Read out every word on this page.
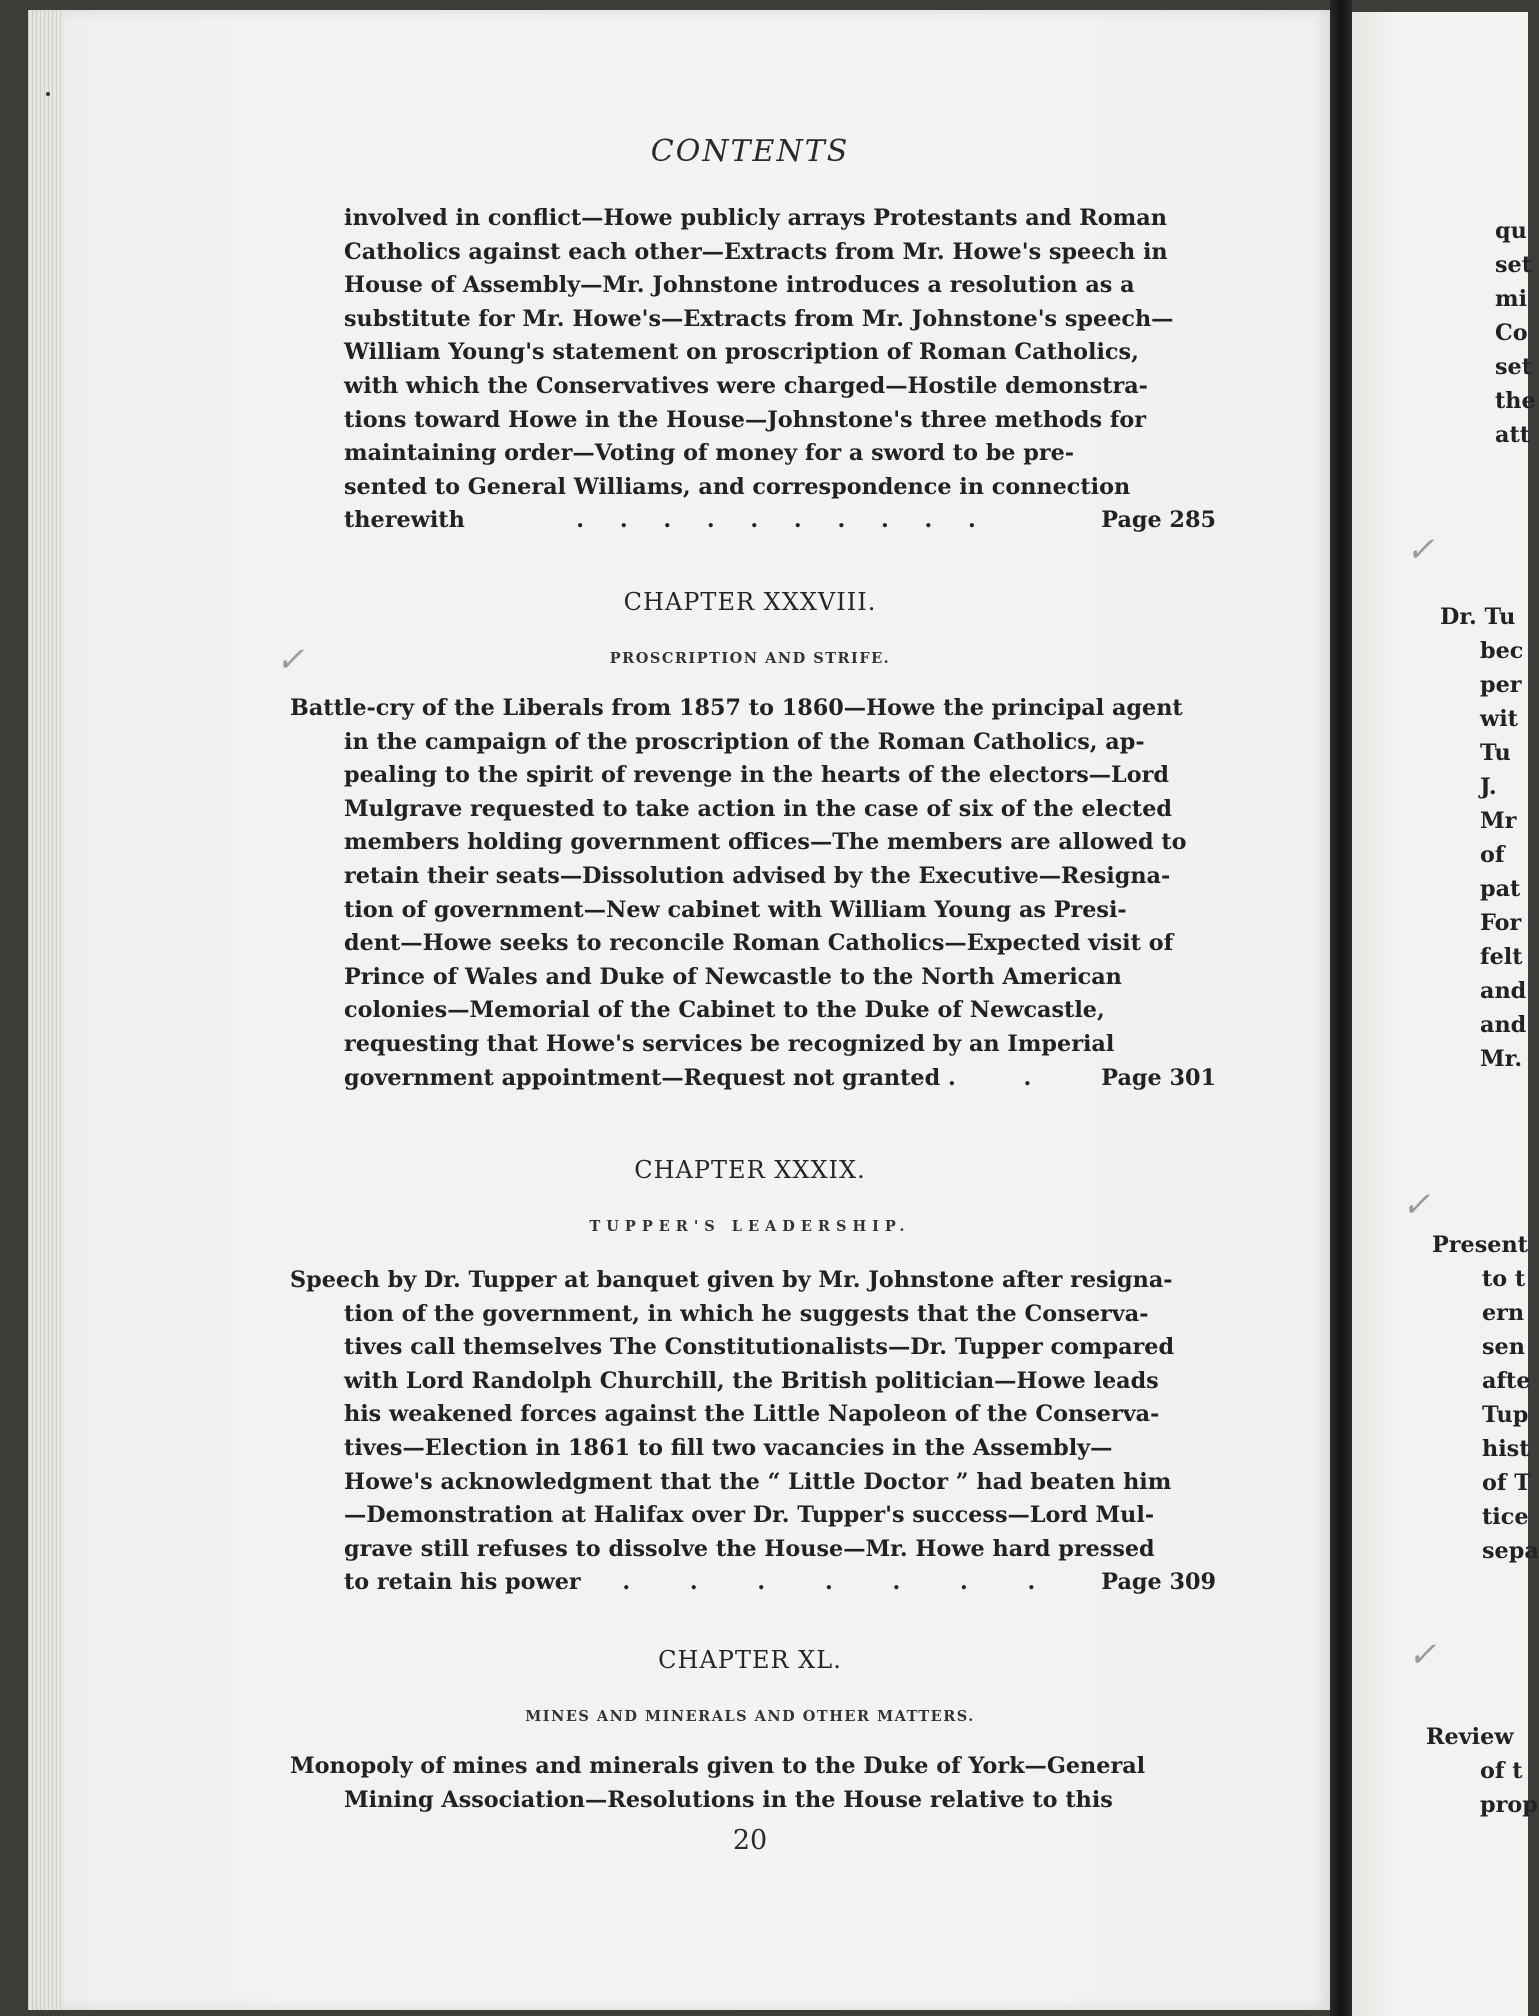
✓
✓
✓
✓
CONTENTS
involved in conflict—Howe publicly arrays Protestants and Roman
Catholics against each other—Extracts from Mr. Howe's speech in
House of Assembly—Mr. Johnstone introduces a resolution as a
substitute for Mr. Howe's—Extracts from Mr. Johnstone's speech—
William Young's statement on proscription of Roman Catholics,
with which the Conservatives were charged—Hostile demonstra-
tions toward Howe in the House—Johnstone's three methods for
maintaining order—Voting of money for a sword to be pre-
sented to General Williams, and correspondence in connection
therewith	. . . . . . . . . .	Page 285
CHAPTER XXXVIII.
PROSCRIPTION AND STRIFE.
Battle-cry of the Liberals from 1857 to 1860—Howe the principal agent
in the campaign of the proscription of the Roman Catholics, ap-
pealing to the spirit of revenge in the hearts of the electors—Lord
Mulgrave requested to take action in the case of six of the elected
members holding government offices—The members are allowed to
retain their seats—Dissolution advised by the Executive—Resigna-
tion of government—New cabinet with William Young as Presi-
dent—Howe seeks to reconcile Roman Catholics—Expected visit of
Prince of Wales and Duke of Newcastle to the North American
colonies—Memorial of the Cabinet to the Duke of Newcastle,
requesting that Howe's services be recognized by an Imperial
government appointment—Request not granted . . Page 301
CHAPTER XXXIX.
TUPPER'S LEADERSHIP.
Speech by Dr. Tupper at banquet given by Mr. Johnstone after resigna-
tion of the government, in which he suggests that the Conserva-
tives call themselves The Constitutionalists—Dr. Tupper compared
with Lord Randolph Churchill, the British politician—Howe leads
his weakened forces against the Little Napoleon of the Conserva-
tives—Election in 1861 to fill two vacancies in the Assembly—
Howe's acknowledgment that the “ Little Doctor ” had beaten him
—Demonstration at Halifax over Dr. Tupper's success—Lord Mul-
grave still refuses to dissolve the House—Mr. Howe hard pressed
to retain his power . . . . . . . Page 309
CHAPTER XL.
MINES AND MINERALS AND OTHER MATTERS.
Monopoly of mines and minerals given to the Duke of York—General
Mining Association—Resolutions in the House relative to this
20
qu
set
mi
Co
set
the
att
Dr. Tu
bec
per
wit
Tu
J.
Mr
of
pat
For
felt
and
and
Mr.
Present
to t
ern
sen
afte
Tup
hist
of T
tice
sepa
Review
of t
prop
